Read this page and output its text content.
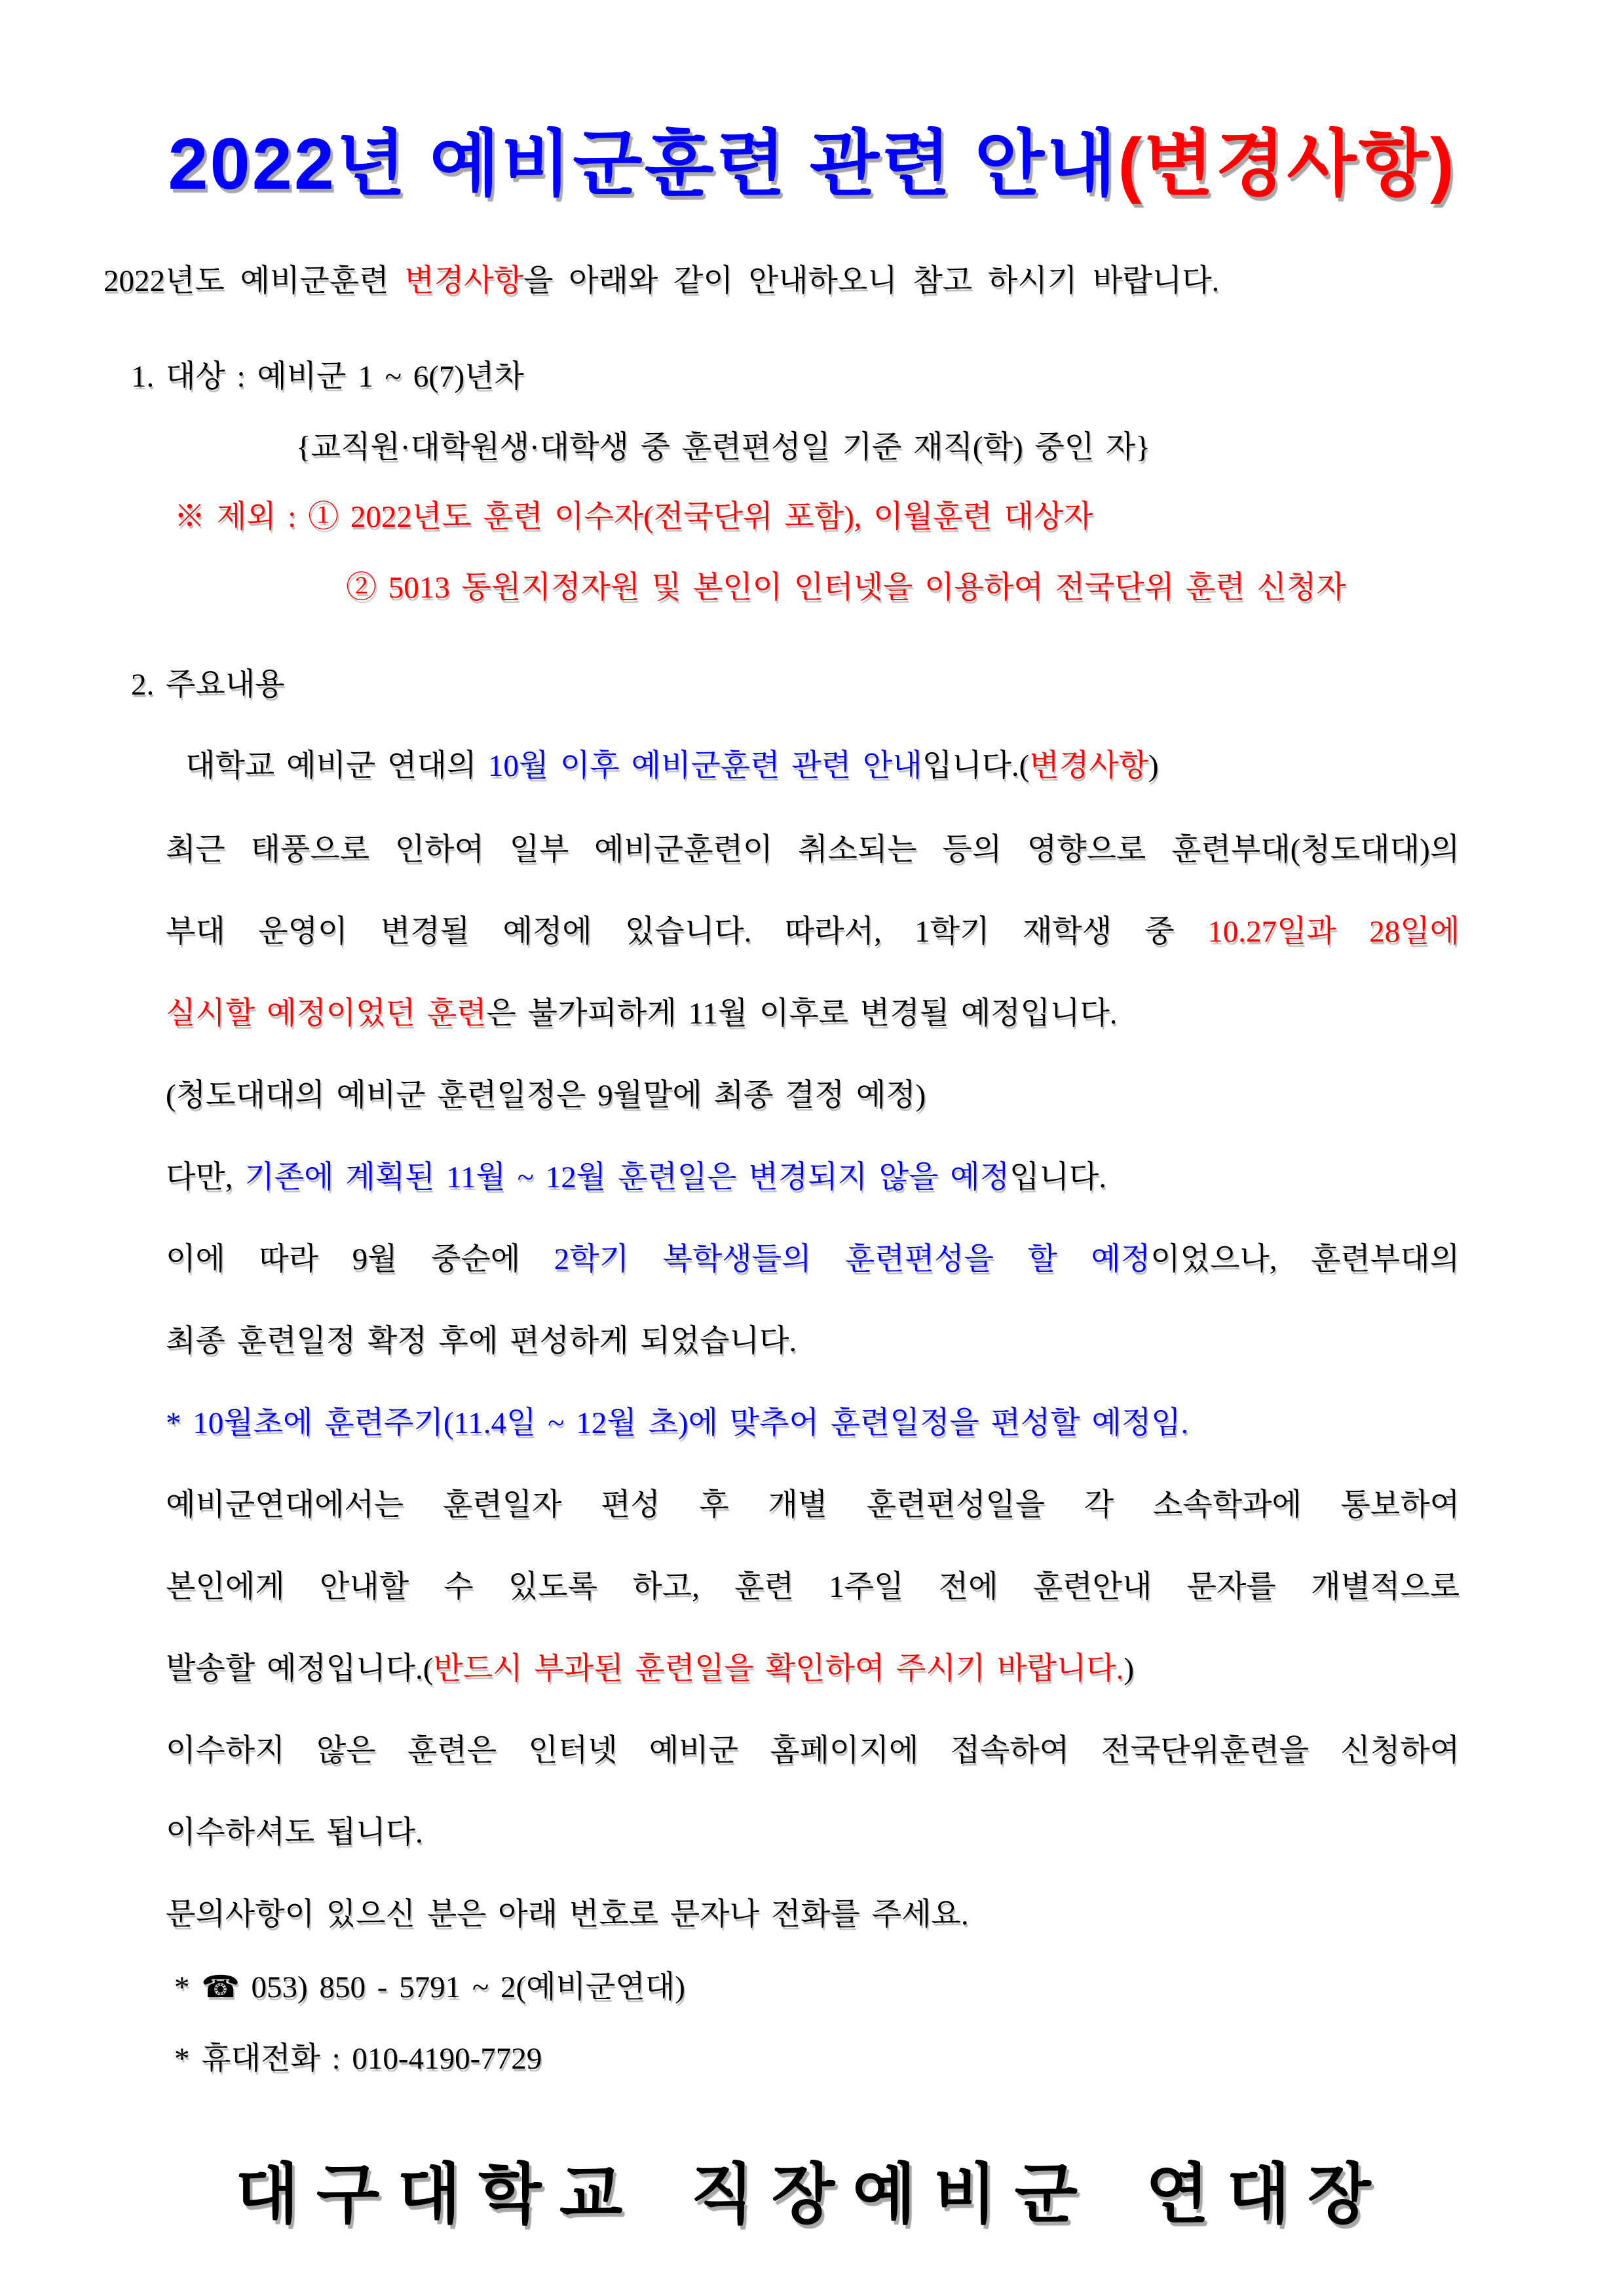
2022년 예비군훈련 관련 안내(변경사항)

2022년도 예비군훈련 변경사항을 아래와 같이 안내하오니 참고 하시기 바랍니다.

1. 대상 : 예비군 1 ~ 6(7)년차

{교직원·대학원생·대학생 중 훈련편성일 기준 재직(학) 중인 자}

※ 제외 : ① 2022년도 훈련 이수자(전국단위 포함), 이월훈련 대상자

② 5013 동원지정자원 및 본인이 인터넷을 이용하여 전국단위 훈련 신청자

2. 주요내용

대학교 예비군 연대의 10월 이후 예비군훈련 관련 안내입니다.(변경사항)

최근 태풍으로 인하여 일부 예비군훈련이 취소되는 등의 영향으로 훈련부대(청도대대)의

부대 운영이 변경될 예정에 있습니다. 따라서, 1학기 재학생 중 10.27일과 28일에

실시할 예정이었던 훈련은 불가피하게 11월 이후로 변경될 예정입니다.

(청도대대의 예비군 훈련일정은 9월말에 최종 결정 예정)

다만, 기존에 계획된 11월 ~ 12월 훈련일은 변경되지 않을 예정입니다.

이에 따라 9월 중순에 2학기 복학생들의 훈련편성을 할 예정이었으나, 훈련부대의

최종 훈련일정 확정 후에 편성하게 되었습니다.

* 10월초에 훈련주기(11.4일 ~ 12월 초)에 맞추어 훈련일정을 편성할 예정임.

예비군연대에서는 훈련일자 편성 후 개별 훈련편성일을 각 소속학과에 통보하여

본인에게 안내할 수 있도록 하고, 훈련 1주일 전에 훈련안내 문자를 개별적으로

발송할 예정입니다.(반드시 부과된 훈련일을 확인하여 주시기 바랍니다.)

이수하지 않은 훈련은 인터넷 예비군 홈페이지에 접속하여 전국단위훈련을 신청하여

이수하셔도 됩니다.

문의사항이 있으신 분은 아래 번호로 문자나 전화를 주세요.

* ☎ 053) 850 - 5791 ~ 2(예비군연대)

* 휴대전화 : 010-4190-7729

대구대학교 직장예비군 연대장
